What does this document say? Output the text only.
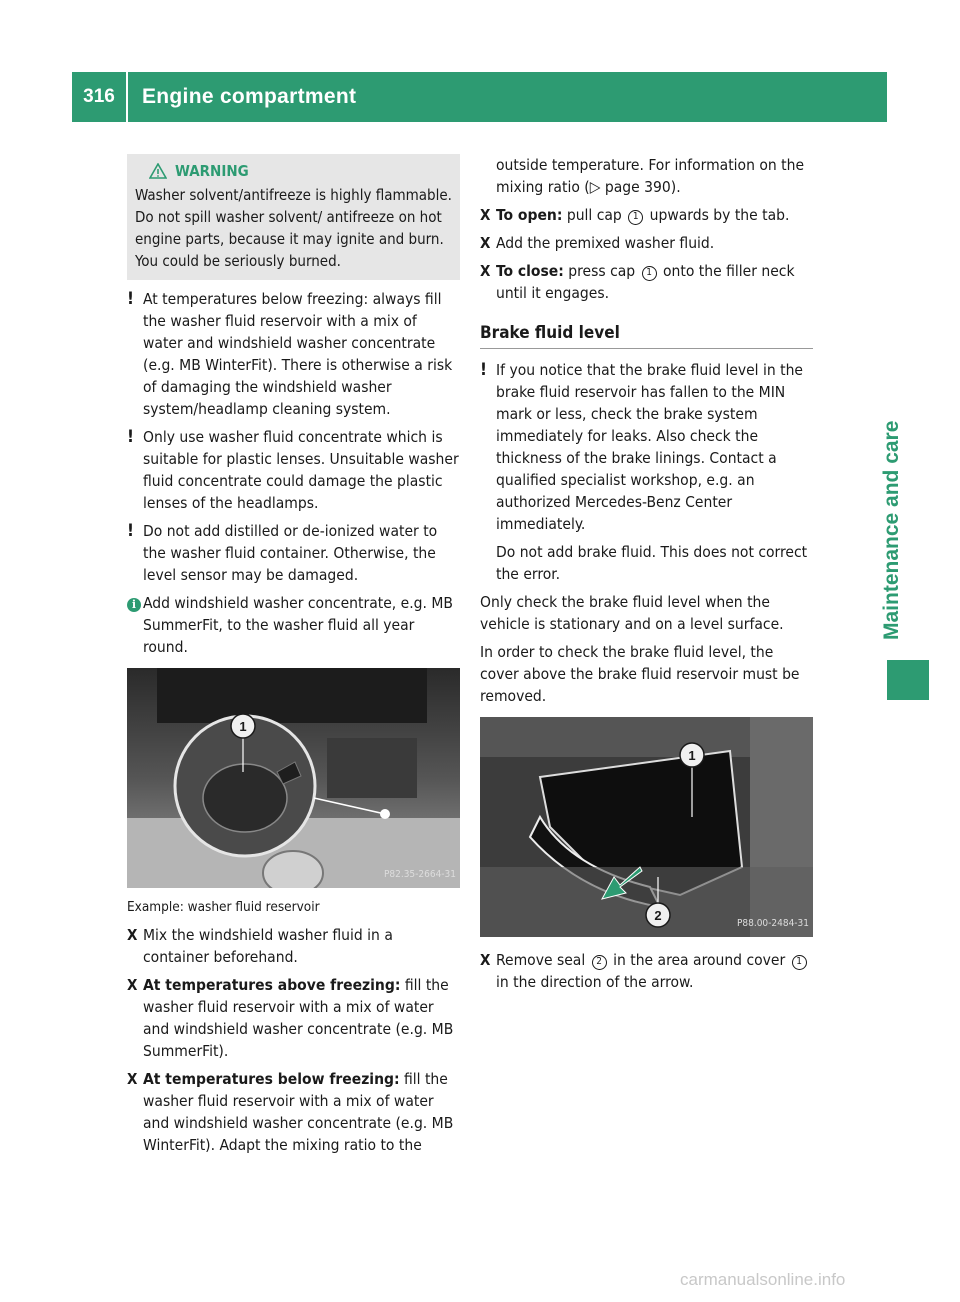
316	Engine compartment
Maintenance and care
WARNING
Washer solvent/antifreeze is highly flammable. Do not spill washer solvent/ antifreeze on hot engine parts, because it may ignite and burn. You could be seriously burned.
! At temperatures below freezing: always fill the washer fluid reservoir with a mix of water and windshield washer concentrate (e.g. MB WinterFit). There is otherwise a risk of damaging the windshield washer system/headlamp cleaning system.
! Only use washer fluid concentrate which is suitable for plastic lenses. Unsuitable washer fluid concentrate could damage the plastic lenses of the headlamps.
! Do not add distilled or de-ionized water to the washer fluid container. Otherwise, the level sensor may be damaged.
i Add windshield washer concentrate, e.g. MB SummerFit, to the washer fluid all year round.
1
P82.35-2664-31
Example: washer fluid reservoir
X Mix the windshield washer fluid in a container beforehand.
X At temperatures above freezing: fill the washer fluid reservoir with a mix of water and windshield washer concentrate (e.g. MB SummerFit).
X At temperatures below freezing: fill the washer fluid reservoir with a mix of water and windshield washer concentrate (e.g. MB WinterFit). Adapt the mixing ratio to the
outside temperature. For information on the mixing ratio (▷ page 390).
X To open: pull cap 1 upwards by the tab.
X Add the premixed washer fluid.
X To close: press cap 1 onto the filler neck until it engages.
Brake fluid level
! If you notice that the brake fluid level in the brake fluid reservoir has fallen to the MIN mark or less, check the brake system immediately for leaks. Also check the thickness of the brake linings. Contact a qualified specialist workshop, e.g. an authorized Mercedes-Benz Center immediately.
Do not add brake fluid. This does not correct the error.
Only check the brake fluid level when the vehicle is stationary and on a level surface.
In order to check the brake fluid level, the cover above the brake fluid reservoir must be removed.
1
2
P88.00-2484-31
X Remove seal 2 in the area around cover 1 in the direction of the arrow.
carmanualsonline.info
